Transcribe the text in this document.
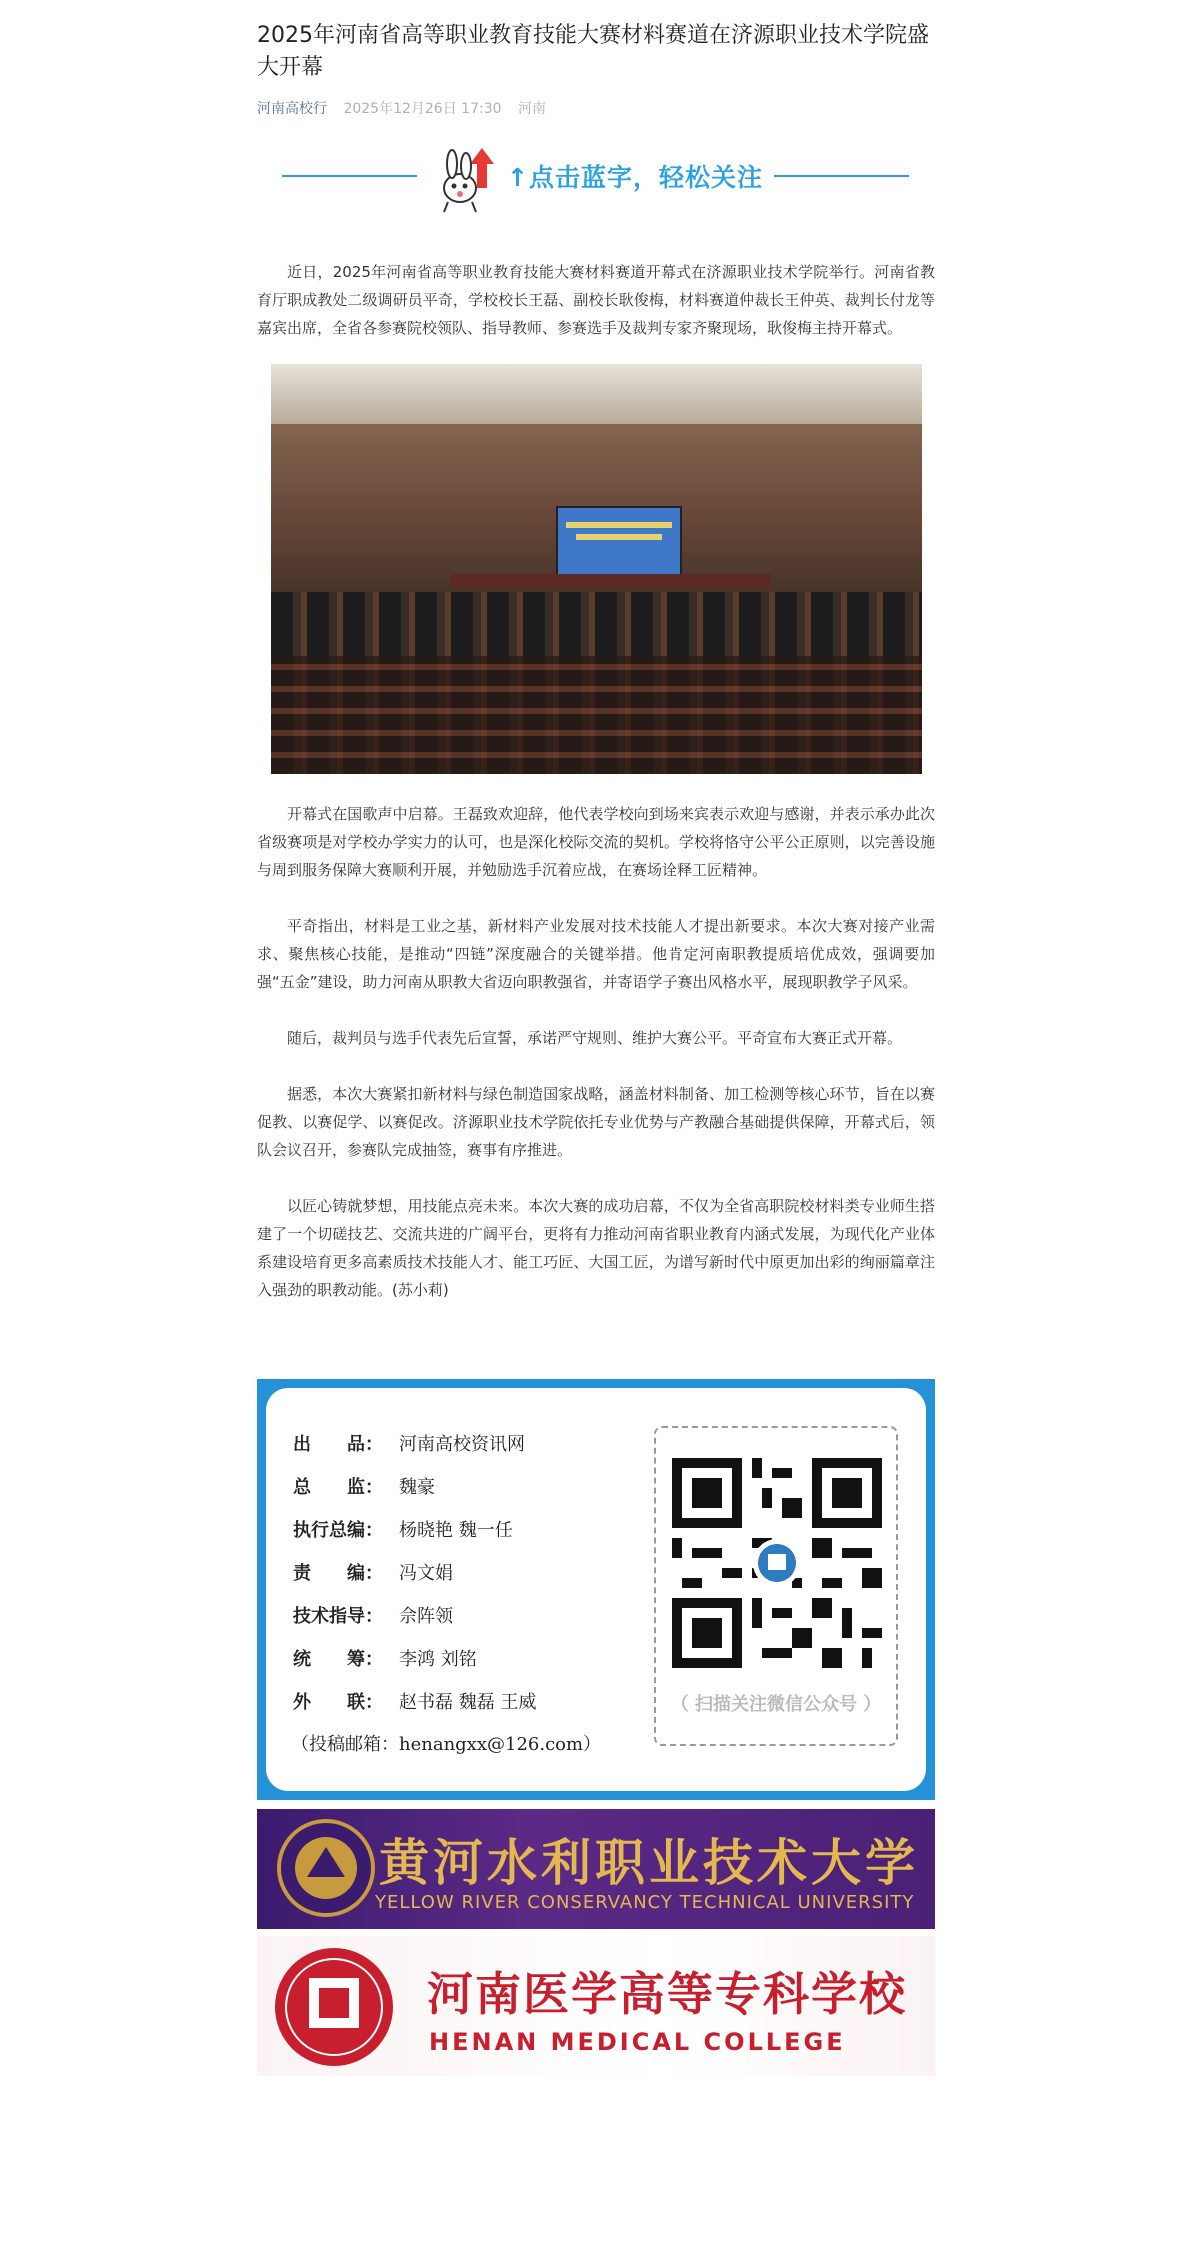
2025年河南省高等职业教育技能大赛材料赛道在济源职业技术学院盛大开幕
河南高校行 2025年12月26日 17:30 河南
↑点击蓝字，轻松关注

近日，2025年河南省高等职业教育技能大赛材料赛道开幕式在济源职业技术学院举行。河南省教育厅职成教处二级调研员平奇，学校校长王磊、副校长耿俊梅，材料赛道仲裁长王仲英、裁判长付龙等嘉宾出席，全省各参赛院校领队、指导教师、参赛选手及裁判专家齐聚现场，耿俊梅主持开幕式。

开幕式在国歌声中启幕。王磊致欢迎辞，他代表学校向到场来宾表示欢迎与感谢，并表示承办此次省级赛项是对学校办学实力的认可，也是深化校际交流的契机。学校将恪守公平公正原则，以完善设施与周到服务保障大赛顺利开展，并勉励选手沉着应战，在赛场诠释工匠精神。

平奇指出，材料是工业之基，新材料产业发展对技术技能人才提出新要求。本次大赛对接产业需求、聚焦核心技能，是推动“四链”深度融合的关键举措。他肯定河南职教提质培优成效，强调要加强“五金”建设，助力河南从职教大省迈向职教强省，并寄语学子赛出风格水平，展现职教学子风采。

随后，裁判员与选手代表先后宣誓，承诺严守规则、维护大赛公平。平奇宣布大赛正式开幕。

据悉，本次大赛紧扣新材料与绿色制造国家战略，涵盖材料制备、加工检测等核心环节，旨在以赛促教、以赛促学、以赛促改。济源职业技术学院依托专业优势与产教融合基础提供保障，开幕式后，领队会议召开，参赛队完成抽签，赛事有序推进。

以匠心铸就梦想，用技能点亮未来。本次大赛的成功启幕，不仅为全省高职院校材料类专业师生搭建了一个切磋技艺、交流共进的广阔平台，更将有力推动河南省职业教育内涵式发展，为现代化产业体系建设培育更多高素质技术技能人才、能工巧匠、大国工匠，为谱写新时代中原更加出彩的绚丽篇章注入强劲的职教动能。(苏小莉)

出　　品： 河南高校资讯网
总　　监： 魏豪
执行总编： 杨晓艳 魏一任
责　　编： 冯文娟
技术指导： 佘阵领
统　　筹： 李鸿 刘铭
外　　联： 赵书磊 魏磊 王威
（投稿邮箱：henangxx@126.com）
（ 扫描关注微信公众号 ）
黄河水利职业技术大学
YELLOW RIVER CONSERVANCY TECHNICAL UNIVERSITY
河南医学高等专科学校
HENAN MEDICAL COLLEGE
